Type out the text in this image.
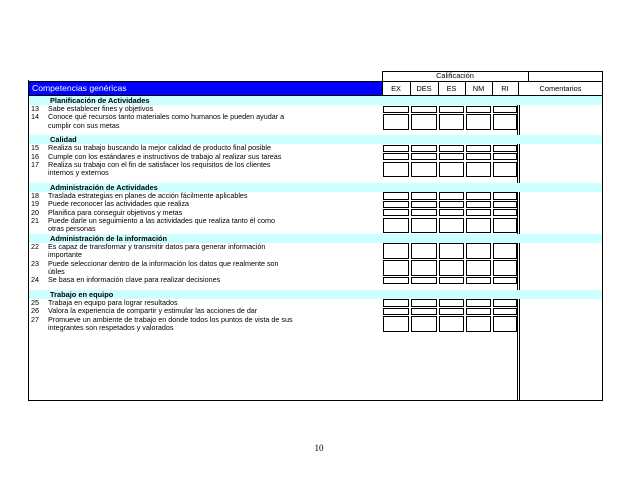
Calificación
Competencias genéricas	EX	DES	ES	NM	RI	Comentarios
Planificación de Actividades
13 Sabe establecer fines y objetivos
14 Conoce qué recursos tanto materiales como humanos le pueden ayudar a
cumplir con sus metas
Calidad
15 Realiza su trabajo buscando la mejor calidad de producto final posible
16 Cumple con los estándares e instructivos de trabajo al realizar sus tareas
17 Realiza su trabajo con el fin de satisfacer los requisitos de los clientes
internos y externos
Administración de Actividades
18 Traslada estrategias en planes de acción fácilmente aplicables
19 Puede reconocer las actividades que realiza
20 Planifica para conseguir objetivos y metas
21 Puede darle un seguimiento a las actividades que realiza tanto él como
otras personas
Administración de la información
22 Es capaz de transformar y transmitir datos para generar información
importante
23 Puede seleccionar dentro de la información los datos que realmente son
útiles
24 Se basa en información clave para realizar decisiones
Trabajo en equipo
25 Trabaja en equipo para lograr resultados
26 Valora la experiencia de compartir y estimular las acciones de dar
27 Promueve un ambiente de trabajo en donde todos los puntos de vista de sus
integrantes son respetados y valorados
10
